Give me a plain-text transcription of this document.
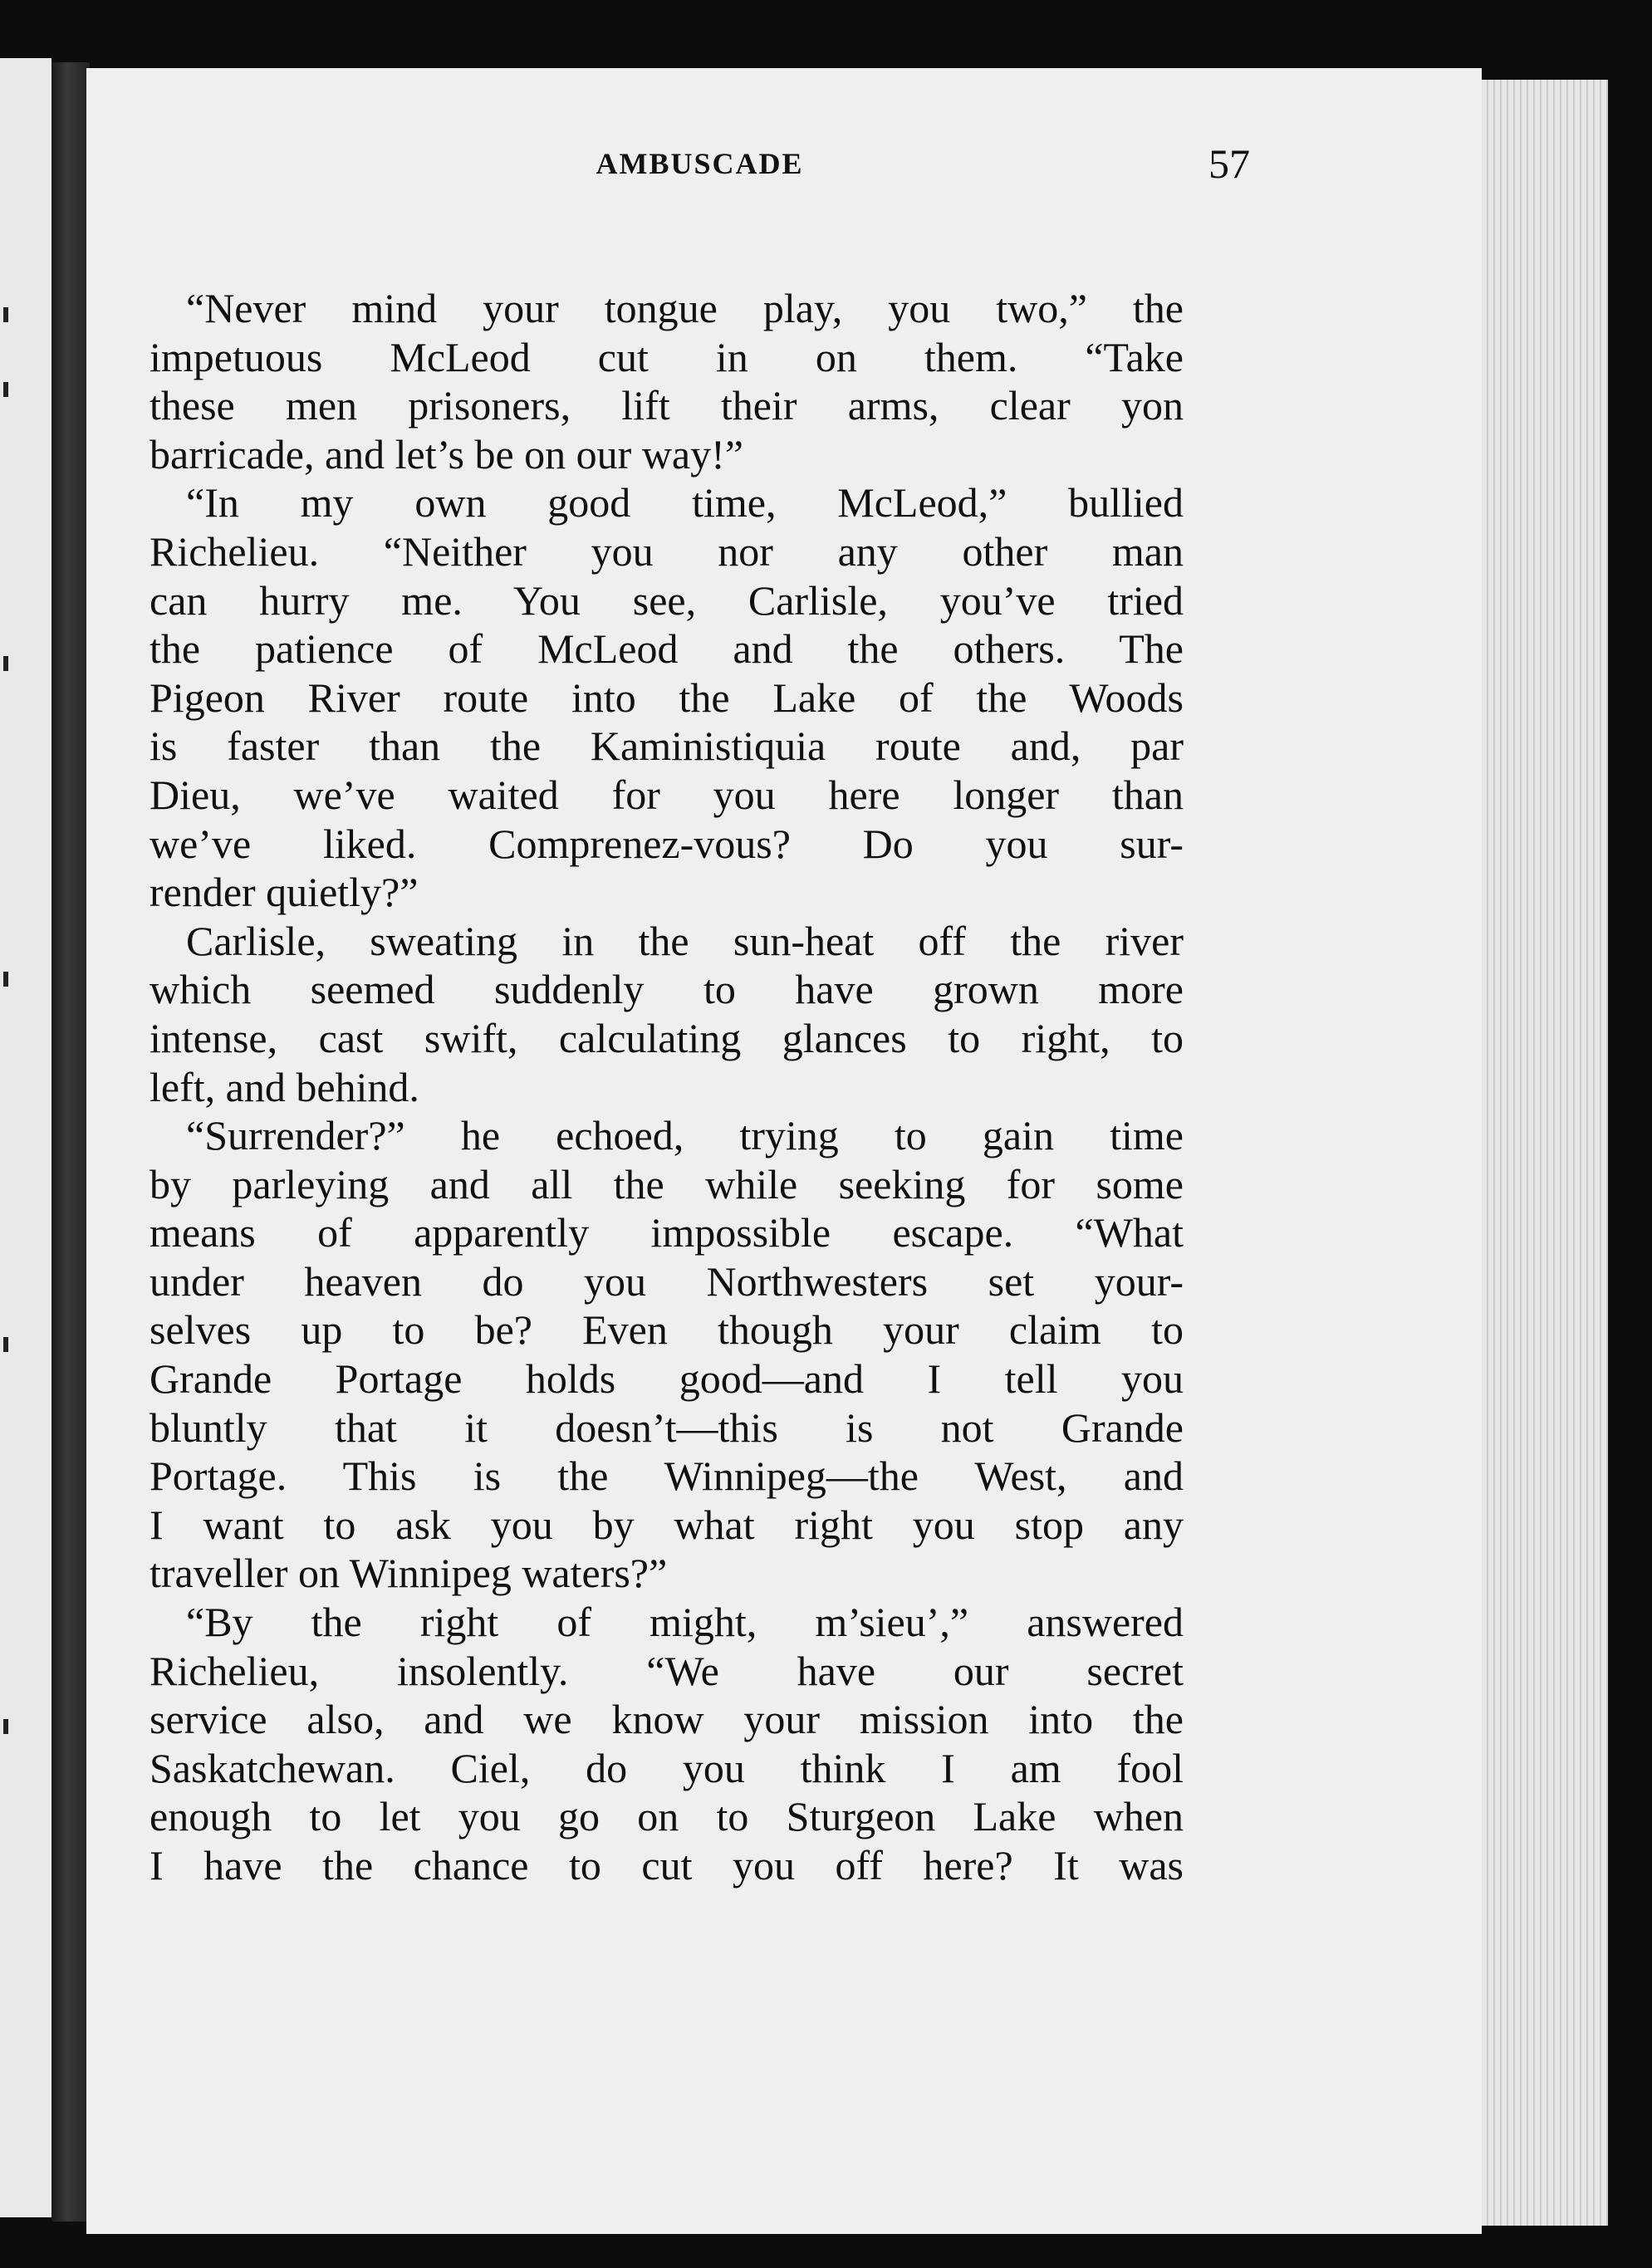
AMBUSCADE	57
“Never mind your tongue play, you two,” the
impetuous McLeod cut in on them. “Take
these men prisoners, lift their arms, clear yon
barricade, and let’s be on our way!”
“In my own good time, McLeod,” bullied
Richelieu. “Neither you nor any other man
can hurry me. You see, Carlisle, you’ve tried
the patience of McLeod and the others. The
Pigeon River route into the Lake of the Woods
is faster than the Kaministiquia route and, par
Dieu, we’ve waited for you here longer than
we’ve liked. Comprenez-vous? Do you sur-
render quietly?”
Carlisle, sweating in the sun-heat off the river
which seemed suddenly to have grown more
intense, cast swift, calculating glances to right, to
left, and behind.
“Surrender?” he echoed, trying to gain time
by parleying and all the while seeking for some
means of apparently impossible escape. “What
under heaven do you Northwesters set your-
selves up to be? Even though your claim to
Grande Portage holds good—and I tell you
bluntly that it doesn’t—this is not Grande
Portage. This is the Winnipeg—the West, and
I want to ask you by what right you stop any
traveller on Winnipeg waters?”
“By the right of might, m’sieu’,” answered
Richelieu, insolently. “We have our secret
service also, and we know your mission into the
Saskatchewan. Ciel, do you think I am fool
enough to let you go on to Sturgeon Lake when
I have the chance to cut you off here? It was
